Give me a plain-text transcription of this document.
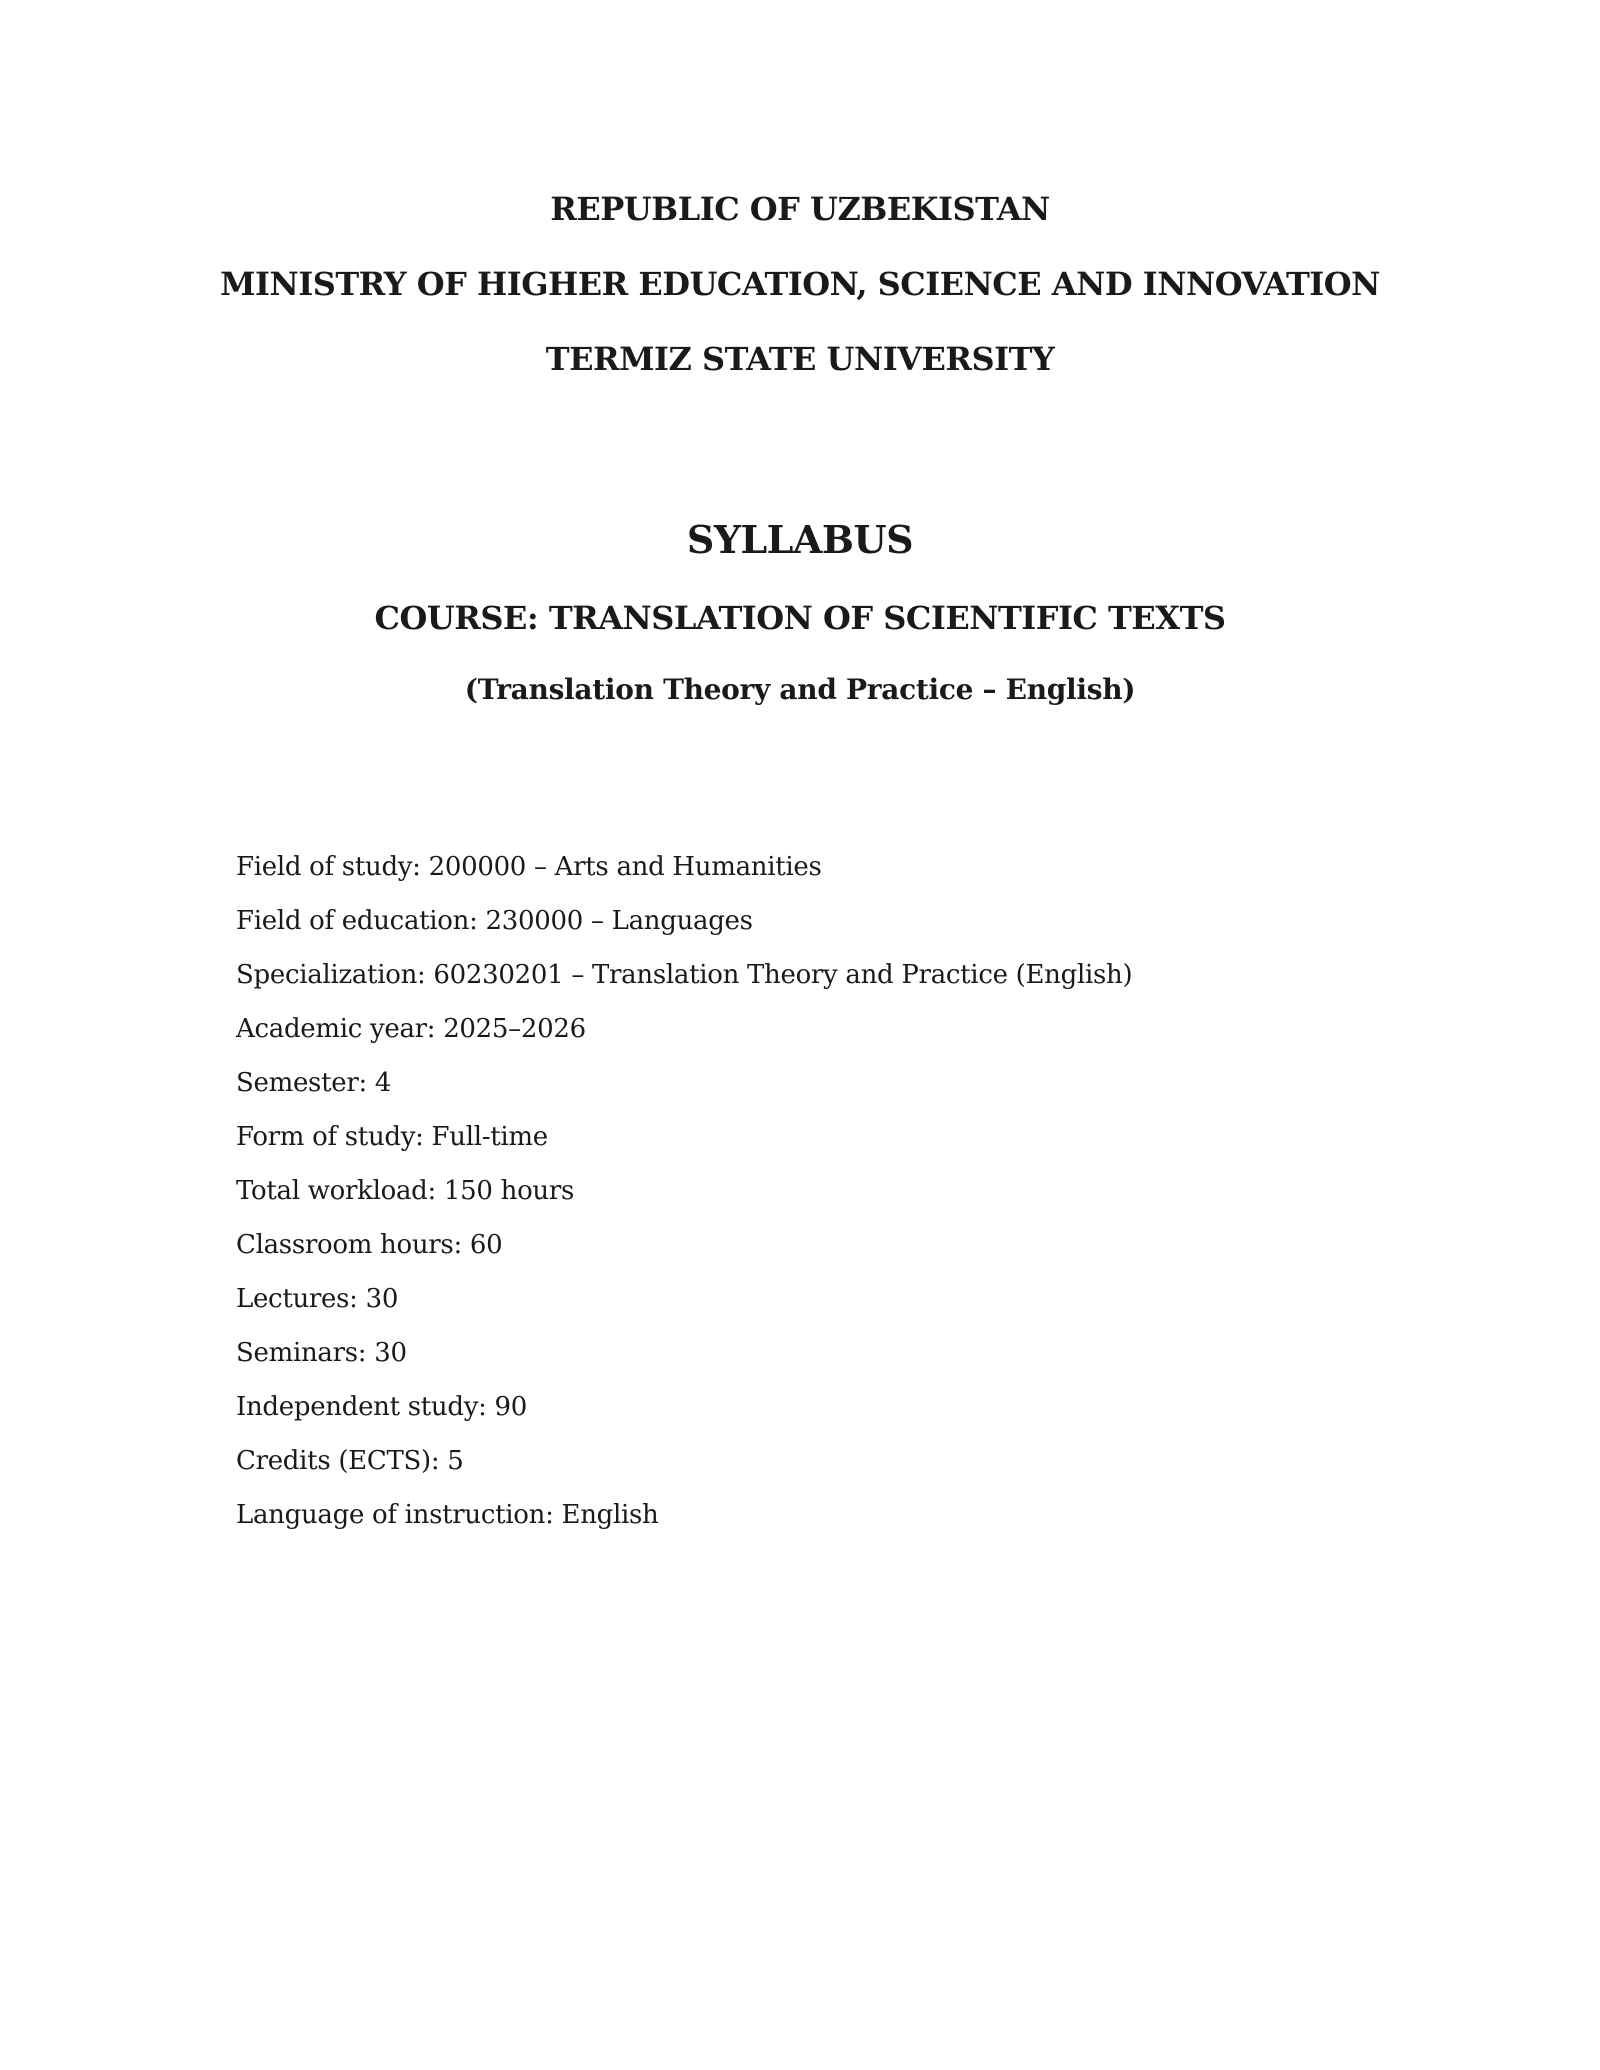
REPUBLIC OF UZBEKISTAN
MINISTRY OF HIGHER EDUCATION, SCIENCE AND INNOVATION
TERMIZ STATE UNIVERSITY
SYLLABUS
COURSE: TRANSLATION OF SCIENTIFIC TEXTS
(Translation Theory and Practice – English)
Field of study: 200000 – Arts and Humanities
Field of education: 230000 – Languages
Specialization: 60230201 – Translation Theory and Practice (English)
Academic year: 2025–2026
Semester: 4
Form of study: Full-time
Total workload: 150 hours
Classroom hours: 60
Lectures: 30
Seminars: 30
Independent study: 90
Credits (ECTS): 5
Language of instruction: English
